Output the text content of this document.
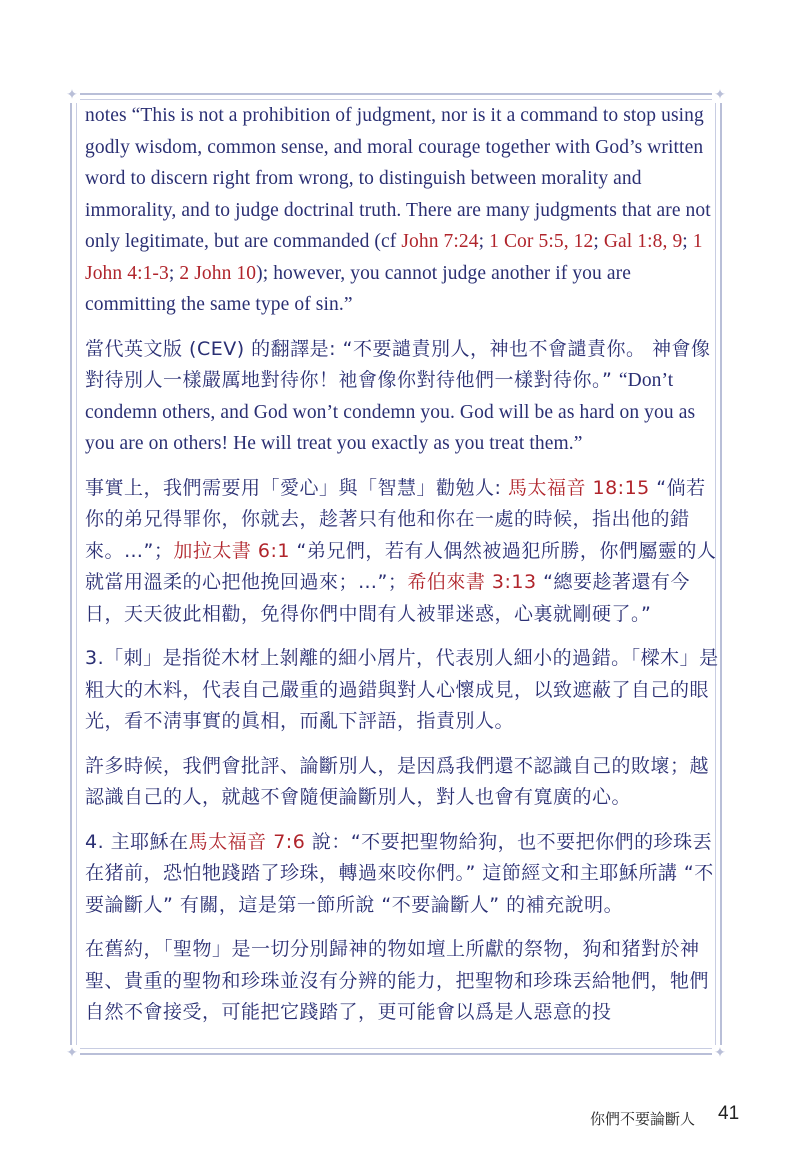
✦	✦
✦	✦

notes “This is not a prohibition of judgment, nor is it a command to stop using godly wisdom, common sense, and moral courage together with God’s written word to discern right from wrong, to distinguish between morality and immorality, and to judge doctrinal truth. There are many judgments that are not only legitimate, but are commanded (cf John 7:24; 1 Cor 5:5, 12; Gal 1:8, 9; 1 John 4:1-3; 2 John 10); however, you cannot judge another if you are committing the same type of sin.”

當代英文版 (CEV) 的翻譯是: “不要譴責別人，神也不會譴責你。 神會像對待別人一樣嚴厲地對待你！祂會像你對待他們一樣對待你。” “Don’t condemn others, and God won’t condemn you. God will be as hard on you as you are on others! He will treat you exactly as you treat them.”

事實上，我們需要用「愛心」與「智慧」勸勉人: 馬太福音 18:15 “倘若你的弟兄得罪你，你就去，趁著只有他和你在一處的時候，指出他的錯來。…”；加拉太書 6:1 “弟兄們，若有人偶然被過犯所勝，你們屬靈的人就當用溫柔的心把他挽回過來；…”；希伯來書 3:13 “總要趁著還有今日，天天彼此相勸，免得你們中間有人被罪迷惑，心裏就剛硬了。”

3.「刺」是指從木材上剝離的細小屑片，代表別人細小的過錯。「樑木」是粗大的木料，代表自己嚴重的過錯與對人心懷成見，以致遮蔽了自己的眼光，看不淸事實的眞相，而亂下評語，指責別人。

許多時候，我們會批評、論斷別人，是因爲我們還不認識自己的敗壞；越認識自己的人，就越不會隨便論斷別人，對人也會有寬廣的心。

4. 主耶穌在馬太福音 7:6 說：“不要把聖物給狗，也不要把你們的珍珠丟在猪前，恐怕牠踐踏了珍珠，轉過來咬你們。” 這節經文和主耶穌所講 “不要論斷人” 有關，這是第一節所說 “不要論斷人” 的補充說明。

在舊約，「聖物」是一切分別歸神的物如壇上所獻的祭物，狗和猪對於神聖、貴重的聖物和珍珠並沒有分辨的能力，把聖物和珍珠丟給牠們，牠們自然不會接受，可能把它踐踏了，更可能會以爲是人惡意的投

你們不要論斷人 41
